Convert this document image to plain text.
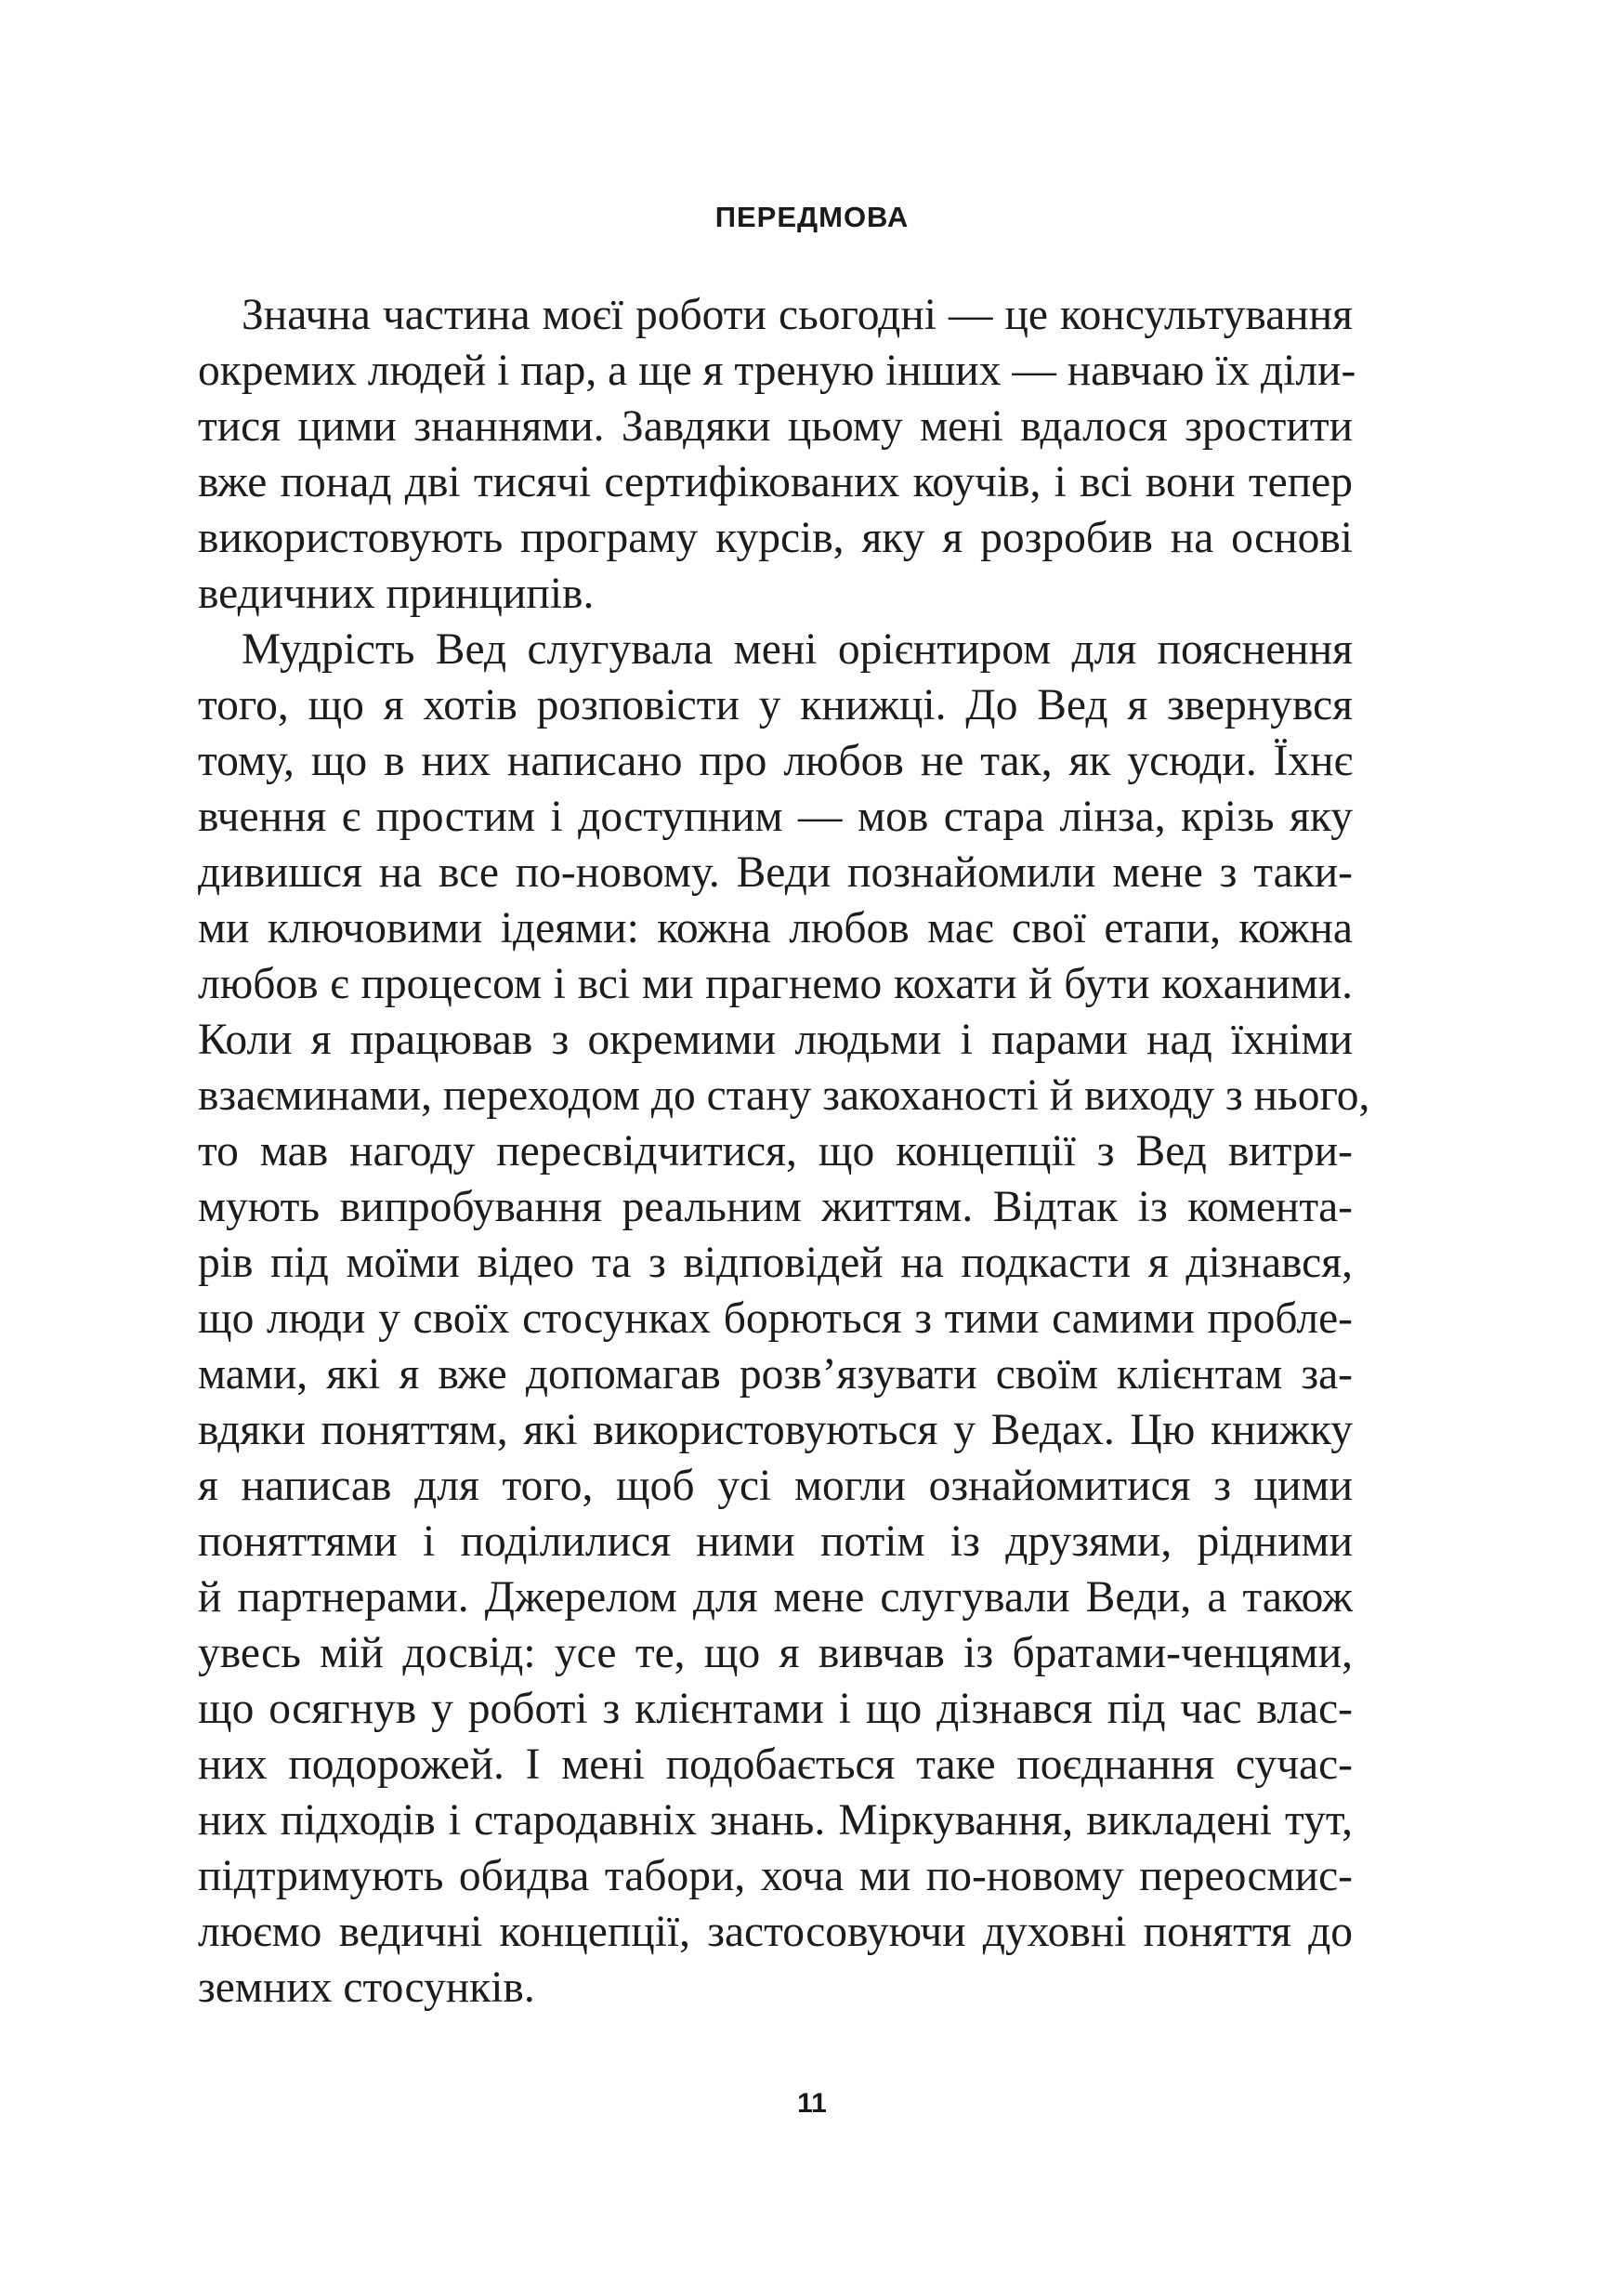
ПЕРЕДМОВА

Значна частина моєї роботи сьогодні — це консультування
окремих людей і пар, а ще я треную інших — навчаю їх діли-
тися цими знаннями. Завдяки цьому мені вдалося зростити
вже понад дві тисячі сертифікованих коучів, і всі вони тепер
використовують програму курсів, яку я розробив на основі
ведичних принципів.

Мудрість Вед слугувала мені орієнтиром для пояснення
того, що я хотів розповісти у книжці. До Вед я звернувся
тому, що в них написано про любов не так, як усюди. Їхнє
вчення є простим і доступним — мов стара лінза, крізь яку
дивишся на все по-новому. Веди познайомили мене з таки-
ми ключовими ідеями: кожна любов має свої етапи, кожна
любов є процесом і всі ми прагнемо кохати й бути коханими.
Коли я працював з окремими людьми і парами над їхніми
взаєминами, переходом до стану закоханості й виходу з нього,
то мав нагоду пересвідчитися, що концепції з Вед витри-
мують випробування реальним життям. Відтак із коментa-
рів під моїми відео та з відповідей на подкасти я дізнався,
що люди у своїх стосунках борються з тими самими пробле-
мами, які я вже допомагав розв’язувати своїм клієнтам за-
вдяки поняттям, які використовуються у Ведах. Цю книжку
я написав для того, щоб усі могли ознайомитися з цими
поняттями і поділилися ними потім із друзями, рідними
й партнерами. Джерелом для мене слугували Веди, а також
увесь мій досвід: усе те, що я вивчав із братами-ченцями,
що осягнув у роботі з клієнтами і що дізнався під час влас-
них подорожей. І мені подобається таке поєднання сучас-
них підходів і стародавніх знань. Міркування, викладені тут,
підтримують обидва табори, хоча ми по-новому переосмис-
люємо ведичні концепції, застосовуючи духовні поняття до
земних стосунків.

11
